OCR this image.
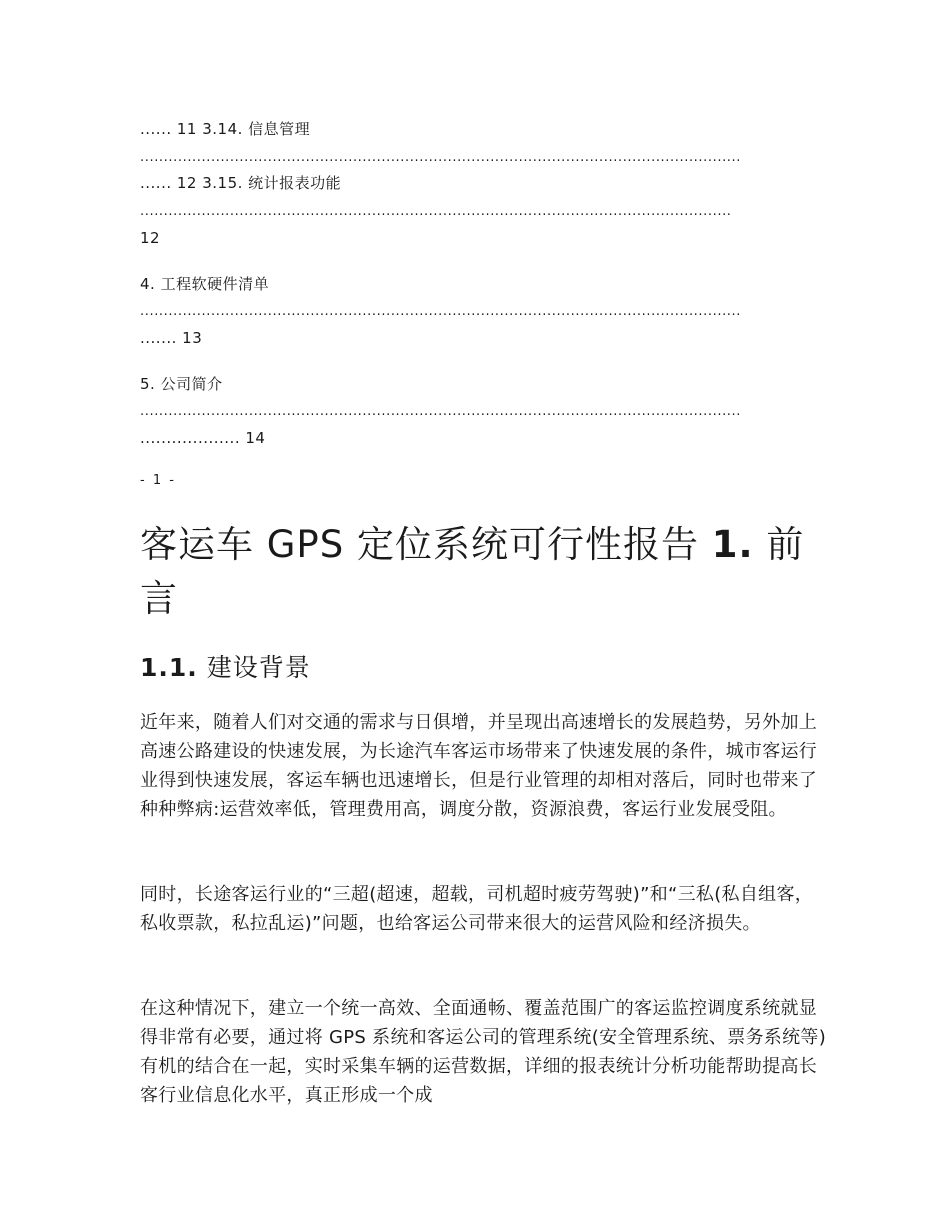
...... 11 3.14. 信息管理
...............................................................................................................................
...... 12 3.15. 统计报表功能
.............................................................................................................................
12
4. 工程软硬件清单
...............................................................................................................................
....... 13
5. 公司简介
...............................................................................................................................
................... 14
- 1 -
客运车 GPS 定位系统可行性报告 1. 前言
1.1. 建设背景

近年来，随着人们对交通的需求与日俱增，并呈现出高速增长的发展趋势，另外加上高速公路建设的快速发展，为长途汽车客运市场带来了快速发展的条件，城市客运行业得到快速发展，客运车辆也迅速增长，但是行业管理的却相对落后，同时也带来了种种弊病:运营效率低，管理费用高，调度分散，资源浪费，客运行业发展受阻。

同时，长途客运行业的“三超(超速，超载，司机超时疲劳驾驶)”和“三私(私自组客，私收票款，私拉乱运)”问题，也给客运公司带来很大的运营风险和经济损失。

在这种情况下，建立一个统一高效、全面通畅、覆盖范围广的客运监控调度系统就显得非常有必要，通过将 GPS 系统和客运公司的管理系统(安全管理系统、票务系统等)有机的结合在一起，实时采集车辆的运营数据，详细的报表统计分析功能帮助提高长客行业信息化水平，真正形成一个成
